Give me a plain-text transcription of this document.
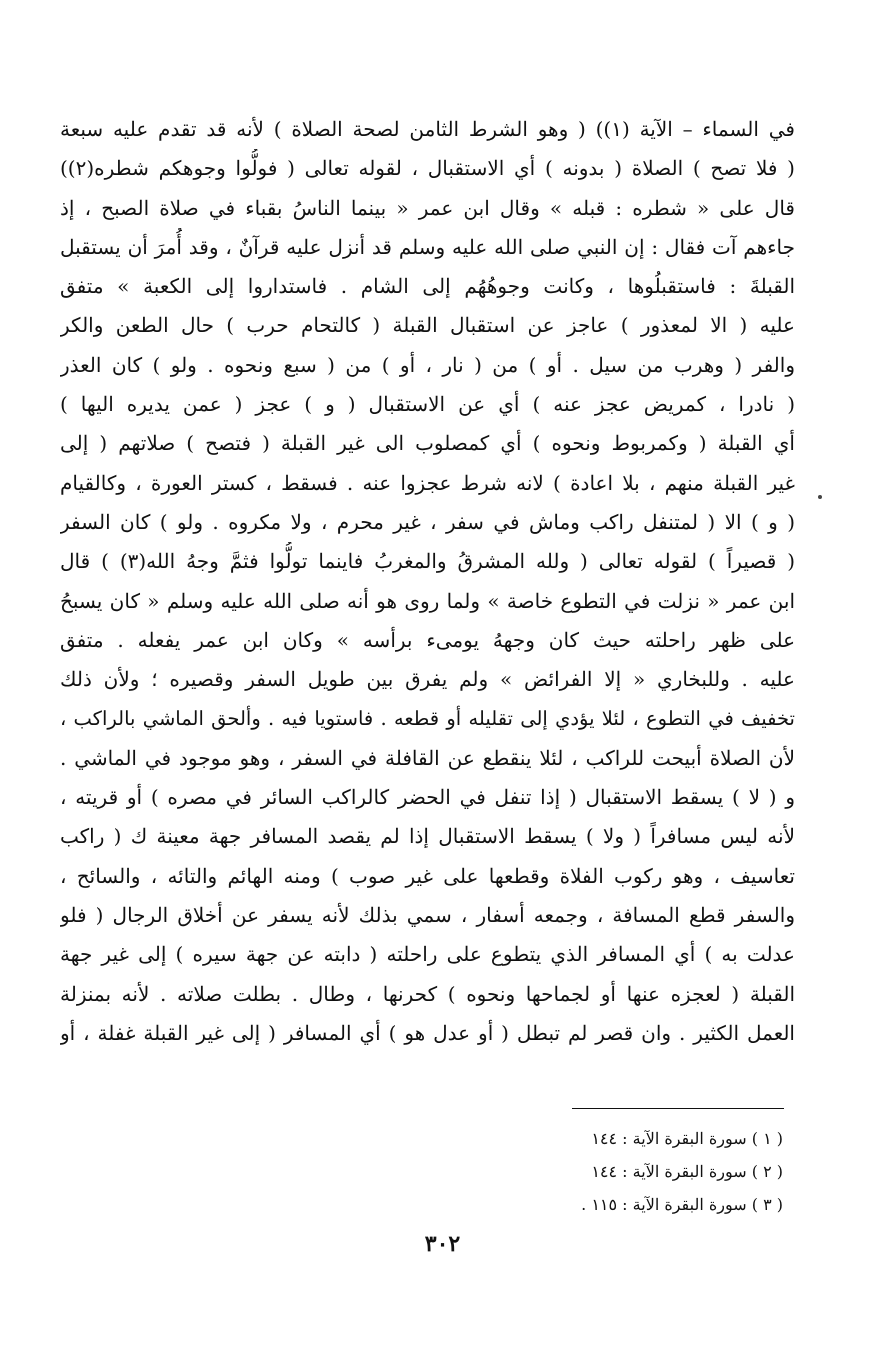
في السماء – الآية (١)) ( وهو الشرط الثامن لصحة الصلاة ) لأنه قد تقدم عليه سبعة
( فلا تصح ) الصلاة ( بدونه ) أي الاستقبال ، لقوله تعالى ( فولُّوا وجوهكم شطره(٢))
قال على « شطره : قبله » وقال ابن عمر « بينما الناسُ بقباء في صلاة الصبح ، إذ
جاءهم آت فقال : إن النبي صلى الله عليه وسلم قد أنزل عليه قرآنٌ ، وقد أُمرَ أن يستقبل
القبلةَ : فاستقبلُوها ، وكانت وجوهُهُم إلى الشام . فاستداروا إلى الكعبة » متفق
عليه ( الا لمعذور ) عاجز عن استقبال القبلة ( كالتحام حرب ) حال الطعن والكر
والفر ( وهرب من سيل . أو ) من ( نار ، أو ) من ( سبع ونحوه . ولو ) كان العذر
( نادرا ، كمريض عجز عنه ) أي عن الاستقبال ( و ) عجز ( عمن يديره اليها )
أي القبلة ( وكمربوط ونحوه ) أي كمصلوب الى غير القبلة ( فتصح ) صلاتهم ( إلى
غير القبلة منهم ، بلا اعادة ) لانه شرط عجزوا عنه . فسقط ، كستر العورة ، وكالقيام
( و ) الا ( لمتنفل راكب وماش في سفر ، غير محرم ، ولا مكروه . ولو ) كان السفر
( قصيراً ) لقوله تعالى ( ولله المشرقُ والمغربُ فاينما تولُّوا فثمَّ وجهُ الله(٣) ) قال
ابن عمر « نزلت في التطوع خاصة » ولما روى هو أنه صلى الله عليه وسلم « كان يسبحُ
على ظهر راحلته حيث كان وجههُ يومىء برأسه » وكان ابن عمر يفعله . متفق
عليه . وللبخاري « إلا الفرائض » ولم يفرق بين طويل السفر وقصيره ؛ ولأن ذلك
تخفيف في التطوع ، لئلا يؤدي إلى تقليله أو قطعه . فاستويا فيه . وألحق الماشي بالراكب ،
لأن الصلاة أبيحت للراكب ، لئلا ينقطع عن القافلة في السفر ، وهو موجود في الماشي .
و ( لا ) يسقط الاستقبال ( إذا تنفل في الحضر كالراكب السائر في مصره ) أو قريته ،
لأنه ليس مسافراً ( ولا ) يسقط الاستقبال إذا لم يقصد المسافر جهة معينة ك ( راكب
تعاسيف ، وهو ركوب الفلاة وقطعها على غير صوب ) ومنه الهائم والتائه ، والسائح ،
والسفر قطع المسافة ، وجمعه أسفار ، سمي بذلك لأنه يسفر عن أخلاق الرجال ( فلو
عدلت به ) أي المسافر الذي يتطوع على راحلته ( دابته عن جهة سيره ) إلى غير جهة
القبلة ( لعجزه عنها أو لجماحها ونحوه ) كحرنها ، وطال . بطلت صلاته . لأنه بمنزلة
العمل الكثير . وان قصر لم تبطل ( أو عدل هو ) أي المسافر ( إلى غير القبلة غفلة ، أو
( ١ ) سورة البقرة الآية : ١٤٤
( ٢ ) سورة البقرة الآية : ١٤٤
( ٣ ) سورة البقرة الآية : ١١٥ .
٣٠٢
